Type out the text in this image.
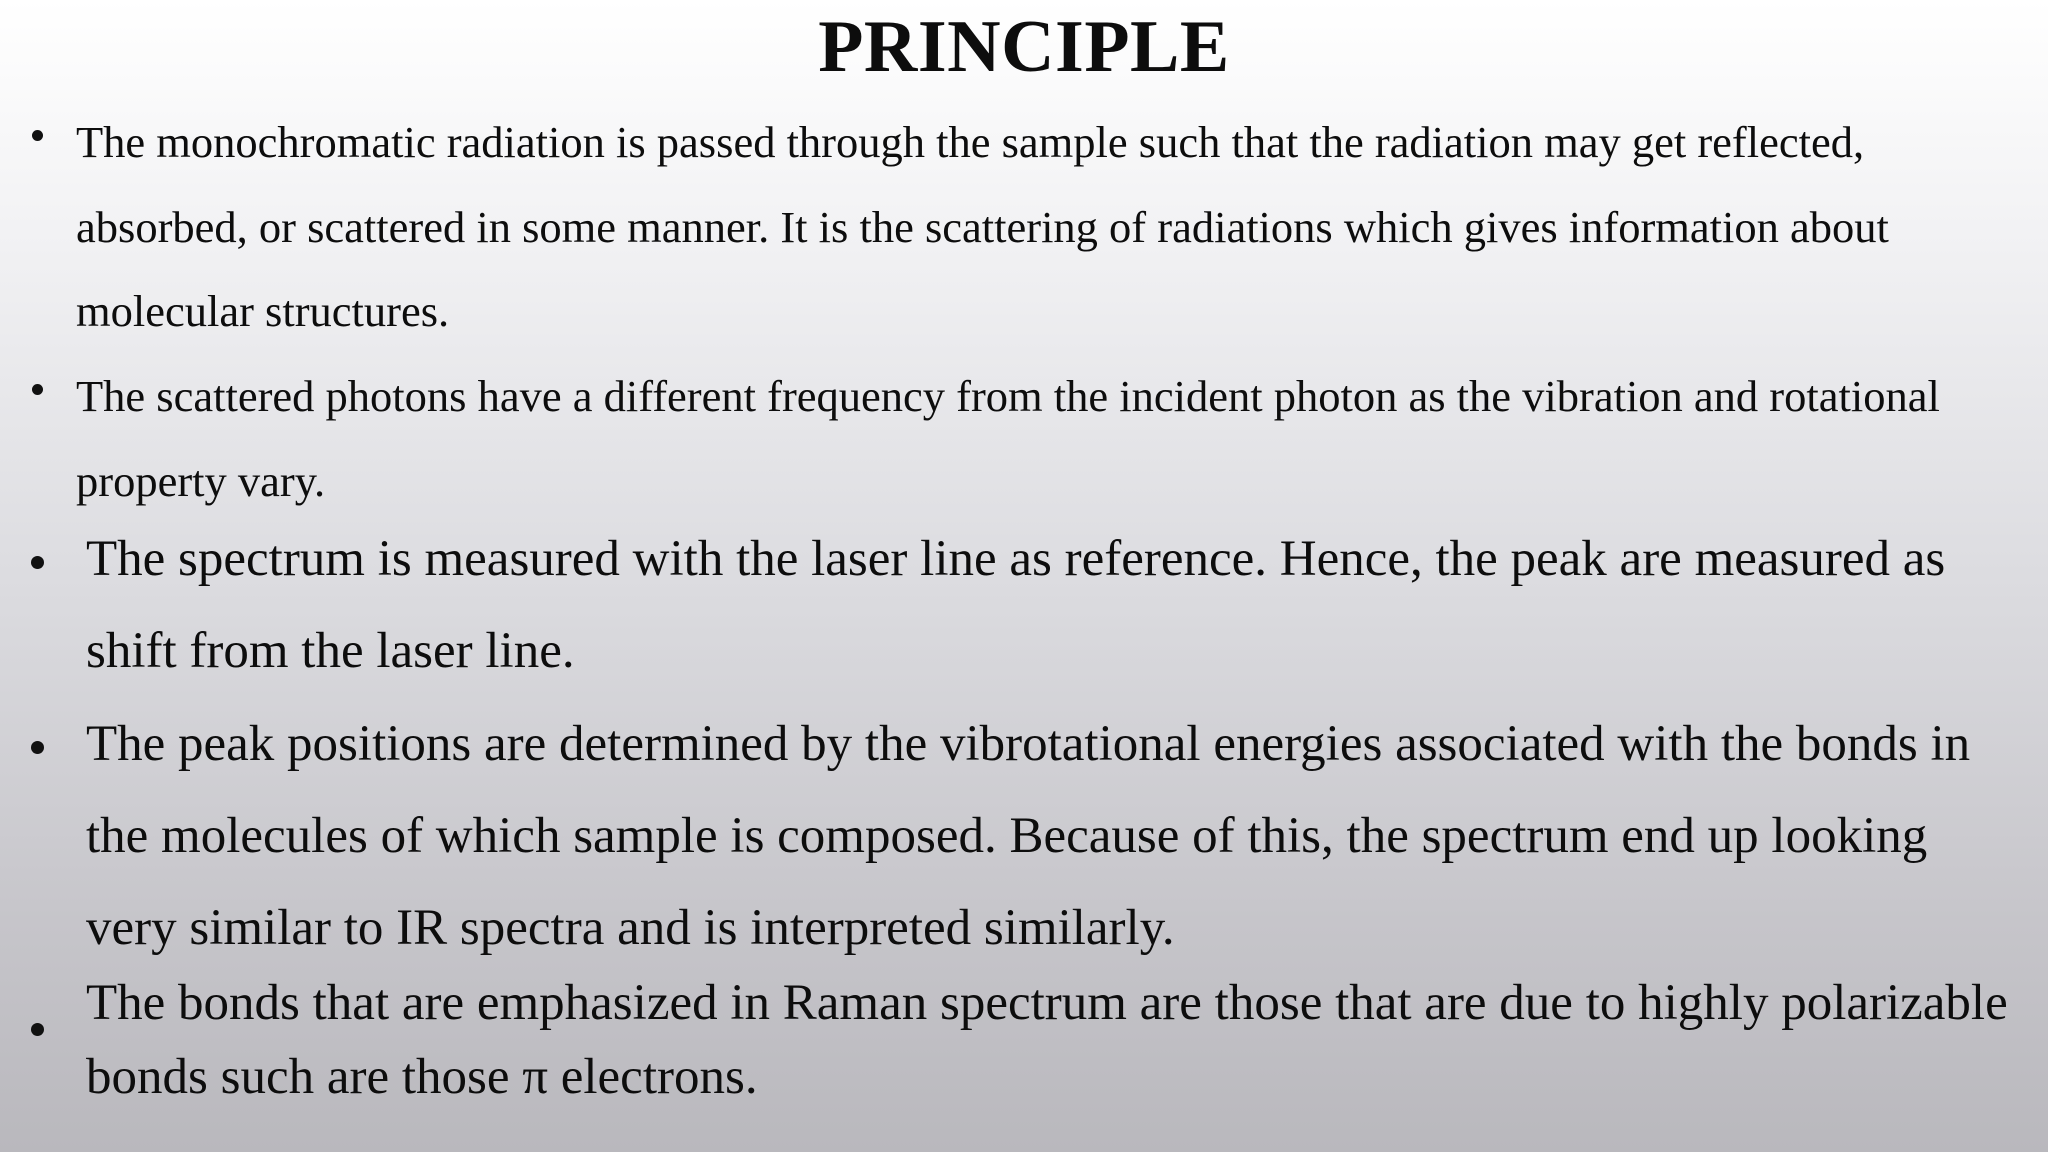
PRINCIPLE

The monochromatic radiation is passed through the sample such that the radiation may get reflected, absorbed, or scattered in some manner. It is the scattering of radiations which gives information about molecular structures.

The scattered photons have a different frequency from the incident photon as the vibration and rotational property vary.

The spectrum is measured with the laser line as reference. Hence, the peak are measured as shift from the laser line.

The peak positions are determined by the vibrotational energies associated with the bonds in the molecules of which sample is composed. Because of this, the spectrum end up looking very similar to IR spectra and is interpreted similarly.

The bonds that are emphasized in Raman spectrum are those that are due to highly polarizable
bonds such are those π electrons.
